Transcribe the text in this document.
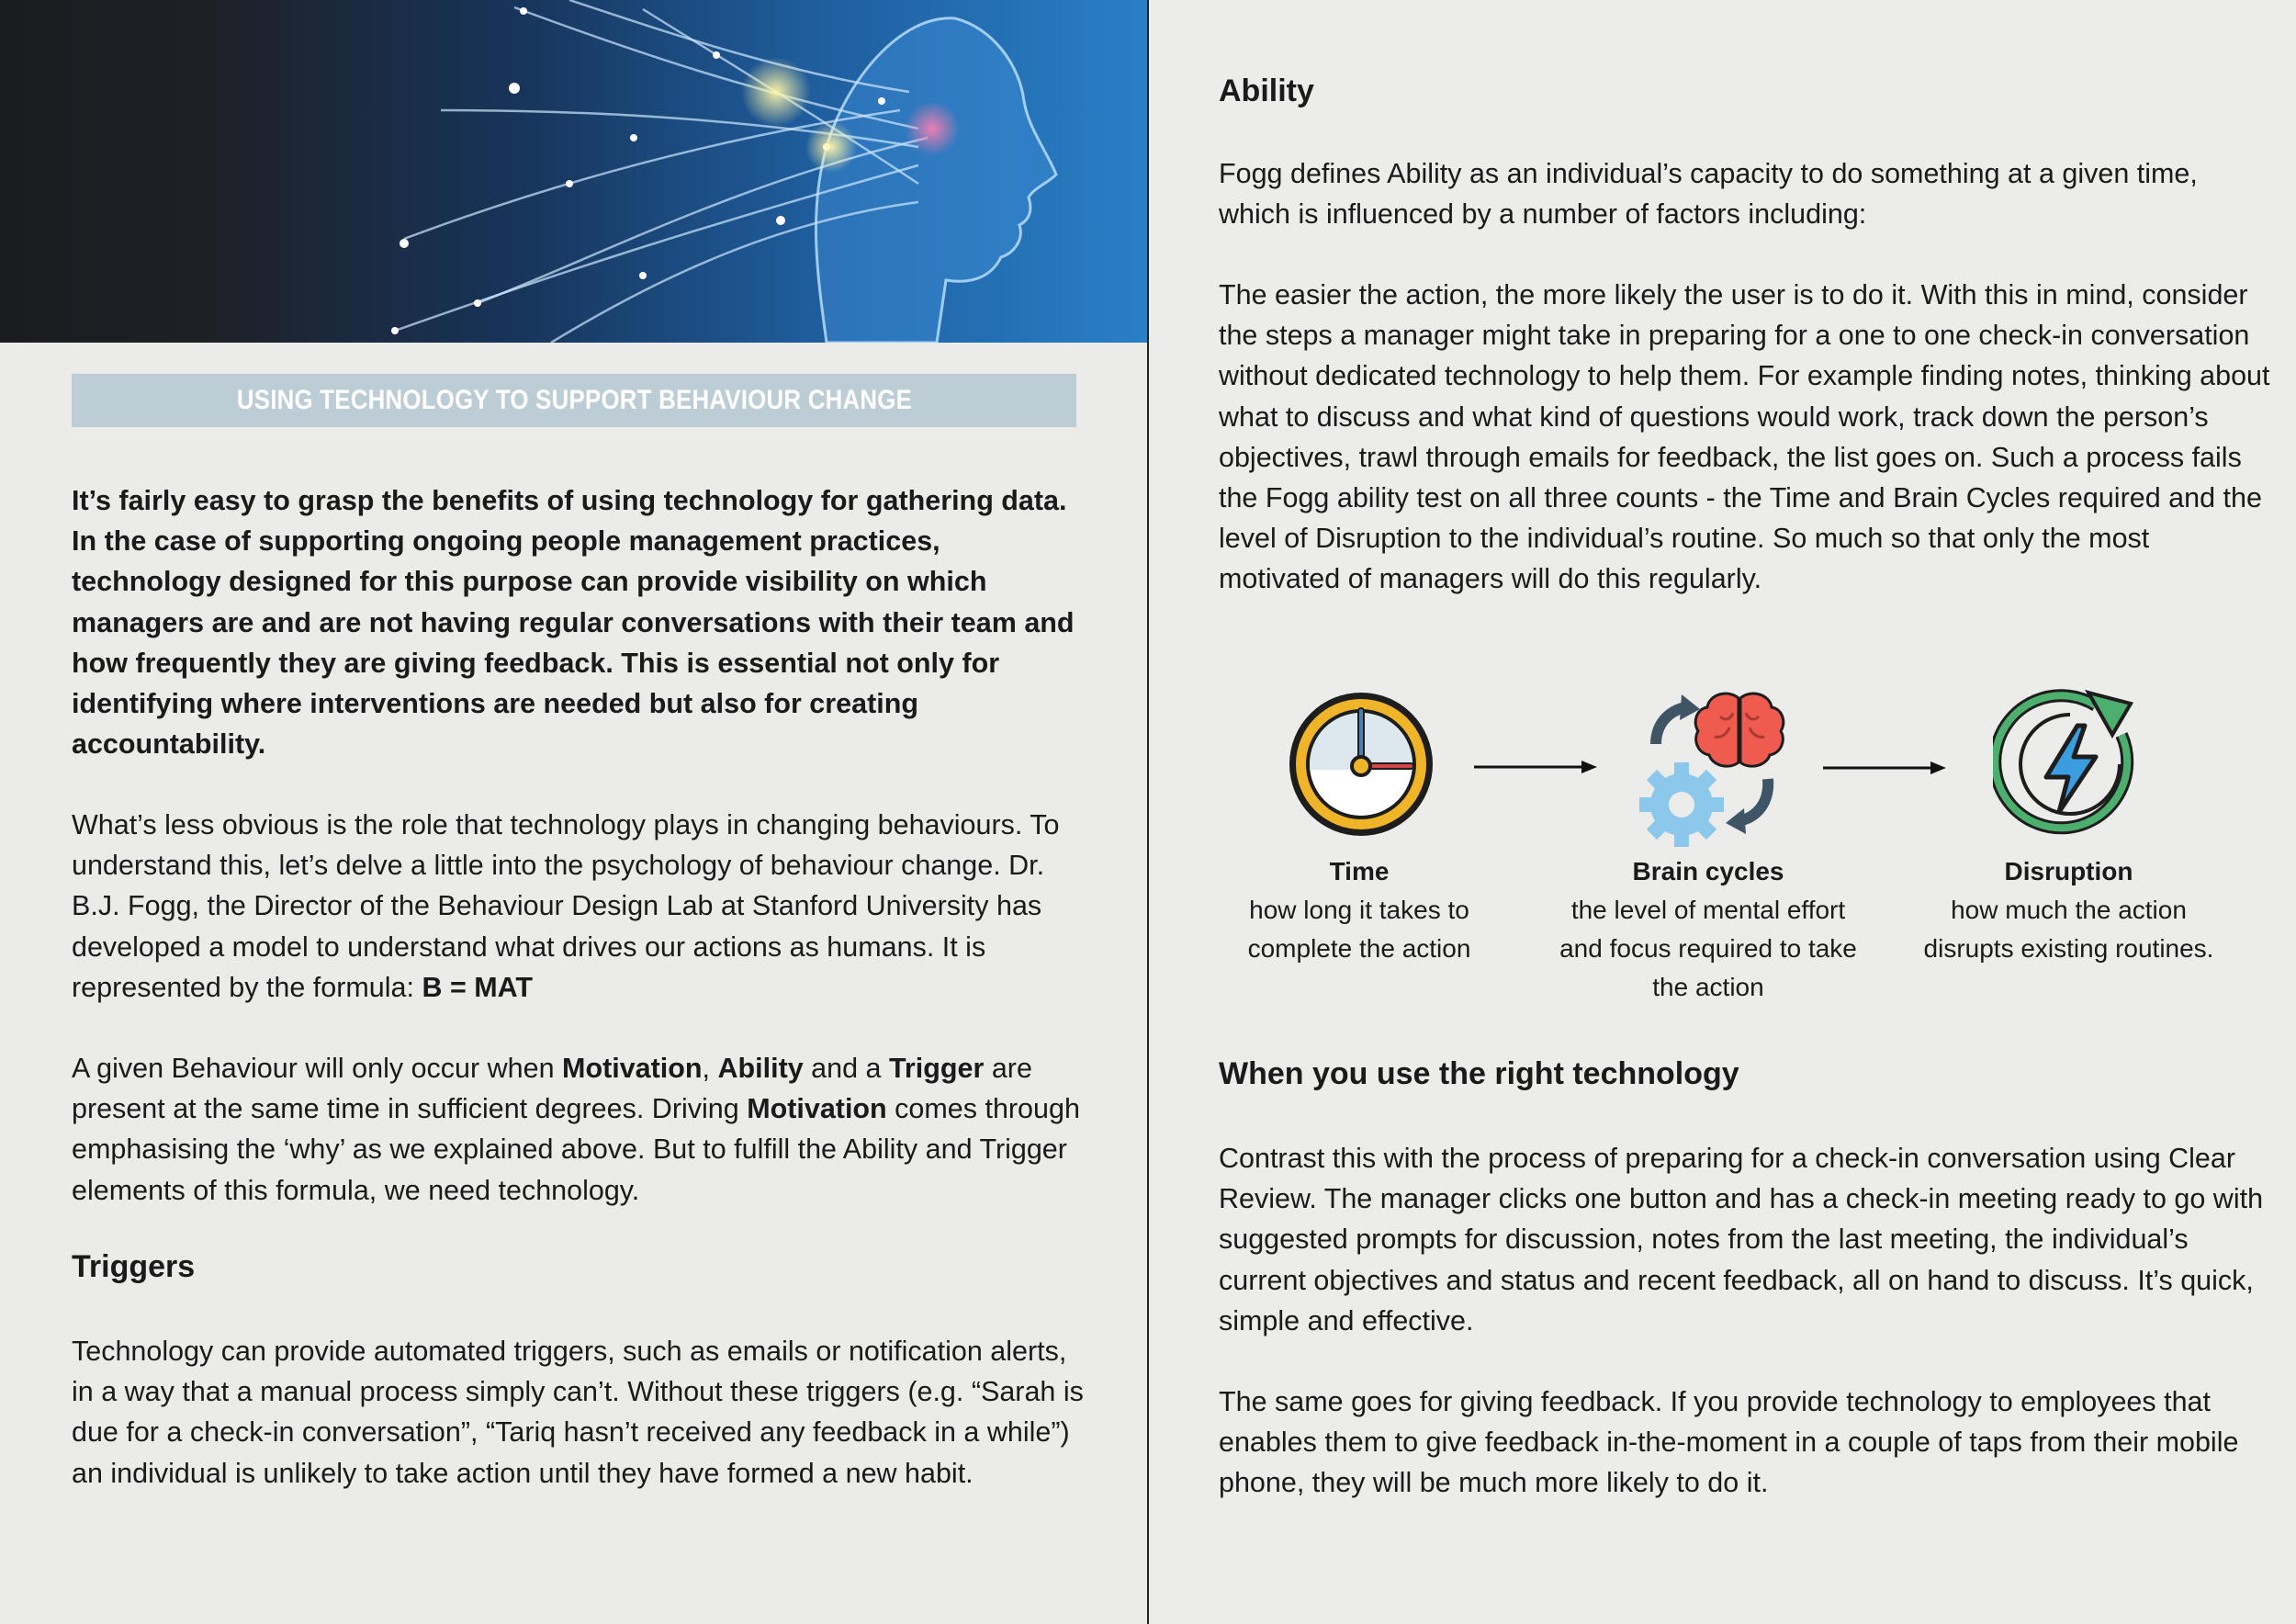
USING TECHNOLOGY TO SUPPORT BEHAVIOUR CHANGE

It’s fairly easy to grasp the benefits of using technology for gathering data. In the case of supporting ongoing people management practices, technology designed for this purpose can provide visibility on which managers are and are not having regular conversations with their team and how frequently they are giving feedback. This is essential not only for identifying where interventions are needed but also for creating accountability.

What’s less obvious is the role that technology plays in changing behaviours. To understand this, let’s delve a little into the psychology of behaviour change. Dr. B.J. Fogg, the Director of the Behaviour Design Lab at Stanford University has developed a model to understand what drives our actions as humans. It is represented by the formula: B = MAT

A given Behaviour will only occur when Motivation, Ability and a Trigger are present at the same time in sufficient degrees. Driving Motivation comes through emphasising the ‘why’ as we explained above. But to fulfill the Ability and Trigger elements of this formula, we need technology.

Triggers

Technology can provide automated triggers, such as emails or notification alerts, in a way that a manual process simply can’t. Without these triggers (e.g. “Sarah is due for a check-in conversation”, “Tariq hasn’t received any feedback in a while”) an individual is unlikely to take action until they have formed a new habit.

Ability

Fogg defines Ability as an individual’s capacity to do something at a given time, which is influenced by a number of factors including:

The easier the action, the more likely the user is to do it. With this in mind, consider the steps a manager might take in preparing for a one to one check-in conversation without dedicated technology to help them. For example finding notes, thinking about what to discuss and what kind of questions would work, track down the person’s objectives, trawl through emails for feedback, the list goes on. Such a process fails the Fogg ability test on all three counts - the Time and Brain Cycles required and the level of Disruption to the individual’s routine. So much so that only the most motivated of managers will do this regularly.

Time
how long it takes to complete the action
Brain cycles
the level of mental effort and focus required to take the action
Disruption
how much the action disrupts existing routines.
When you use the right technology

Contrast this with the process of preparing for a check-in conversation using Clear Review. The manager clicks one button and has a check-in meeting ready to go with suggested prompts for discussion, notes from the last meeting, the individual’s current objectives and status and recent feedback, all on hand to discuss. It’s quick, simple and effective.

The same goes for giving feedback. If you provide technology to employees that enables them to give feedback in-the-moment in a couple of taps from their mobile phone, they will be much more likely to do it.
